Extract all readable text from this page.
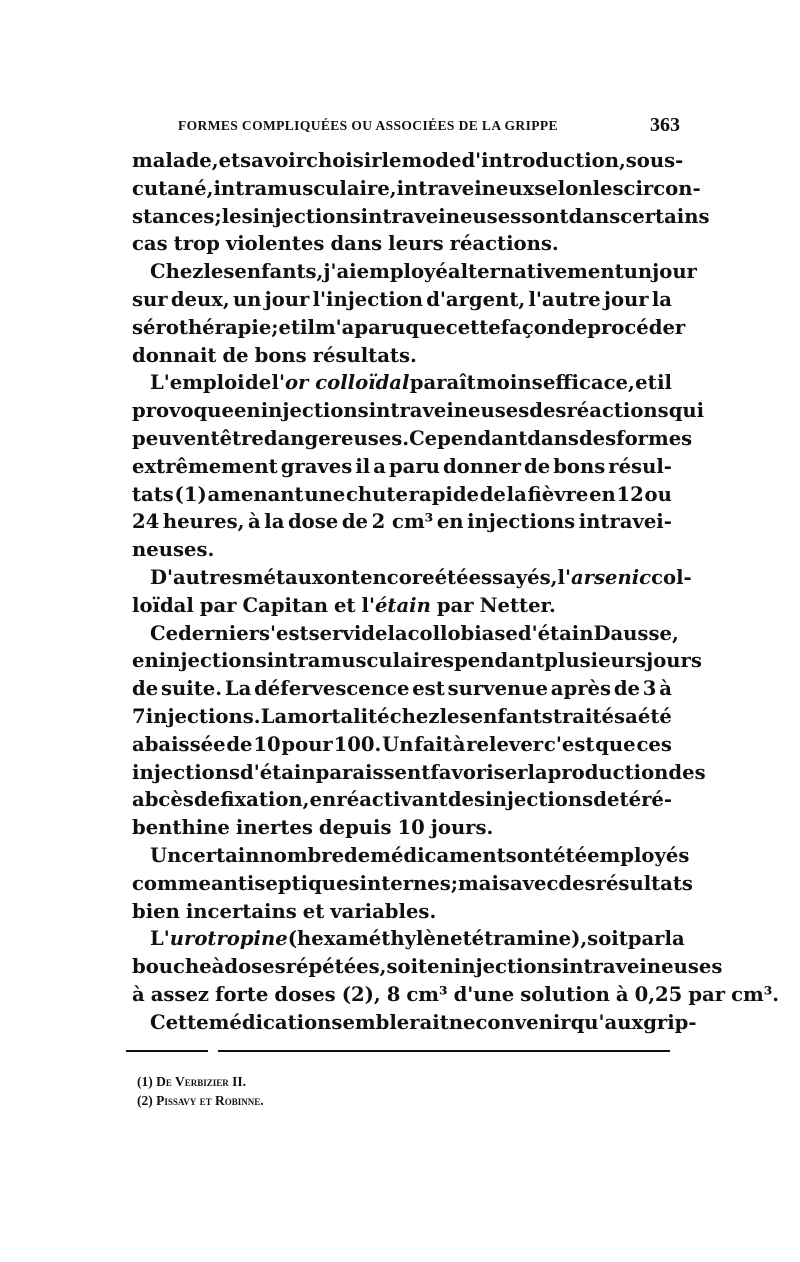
FORMES COMPLIQUÉES OU ASSOCIÉES DE LA GRIPPE	363
malade, et savoir choisir le mode d'introduction, sous-
cutané, intramusculaire, intraveineux selon les circon-
stances; les injections intraveineuses sont dans certains
cas trop violentes dans leurs réactions.
Chez les enfants, j'ai employé alternativement un jour
sur deux, un jour l'injection d'argent, l'autre jour la
sérothérapie; et il m'a paru que cette façon de procéder
donnait de bons résultats.
L'emploi de l'or colloïdal paraît moins efficace, et il
provoque en injections intraveineuses des réactions qui
peuvent être dangereuses. Cependant dans des formes
extrêmement graves il a paru donner de bons résul-
tats (1) amenant une chute rapide de la fièvre en 12 ou
24 heures, à la dose de 2 cm³ en injections intravei-
neuses.
D'autres métaux ont encore été essayés, l'arsenic col-
loïdal par Capitan et l'étain par Netter.
Ce dernier s'est servi de la collobiase d'étain Dausse,
en injections intramusculaires pendant plusieurs jours
de suite. La défervescence est survenue après de 3 à
7 injections. La mortalité chez les enfants traités a été
abaissée de 10 pour 100. Un fait à relever c'est que ces
injections d'étain paraissent favoriser la production des
abcès de fixation, en réactivant des injections de téré-
benthine inertes depuis 10 jours.
Un certain nombre de médicaments ont été employés
comme antiseptiques internes; mais avec des résultats
bien incertains et variables.
L'urotropine (hexaméthylène tétramine), soit par la
bouche à doses répétées,soit en injections intraveineuses
à assez forte doses (2), 8 cm³ d'une solution à 0,25 par cm³.
Cette médication semblerait ne convenir qu'aux grip-
(1) De Verbizier II.
(2) Pissavy et Robinne.
